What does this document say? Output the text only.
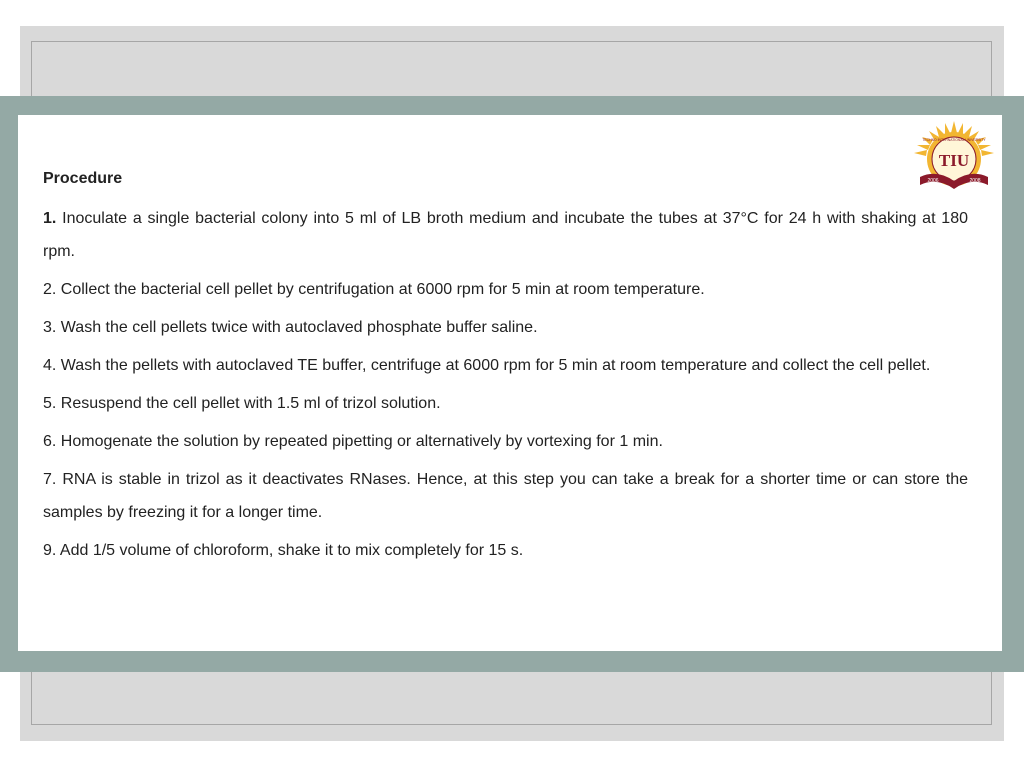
TIU
2006	2008
TECHNO INTERNATIONAL UNIVERSITY
Procedure
1. Inoculate a single bacterial colony into 5 ml of LB broth medium and incubate the tubes at 37°C for 24 h with shaking at 180 rpm.
2. Collect the bacterial cell pellet by centrifugation at 6000 rpm for 5 min at room temperature.
3. Wash the cell pellets twice with autoclaved phosphate buffer saline.
4. Wash the pellets with autoclaved TE buffer, centrifuge at 6000 rpm for 5 min at room temperature and collect the cell pellet.
5. Resuspend the cell pellet with 1.5 ml of trizol solution.
6. Homogenate the solution by repeated pipetting or alternatively by vortexing for 1 min.
7. RNA is stable in trizol as it deactivates RNases. Hence, at this step you can take a break for a shorter time or can store the samples by freezing it for a longer time.
9. Add 1/5 volume of chloroform, shake it to mix completely for 15 s.
